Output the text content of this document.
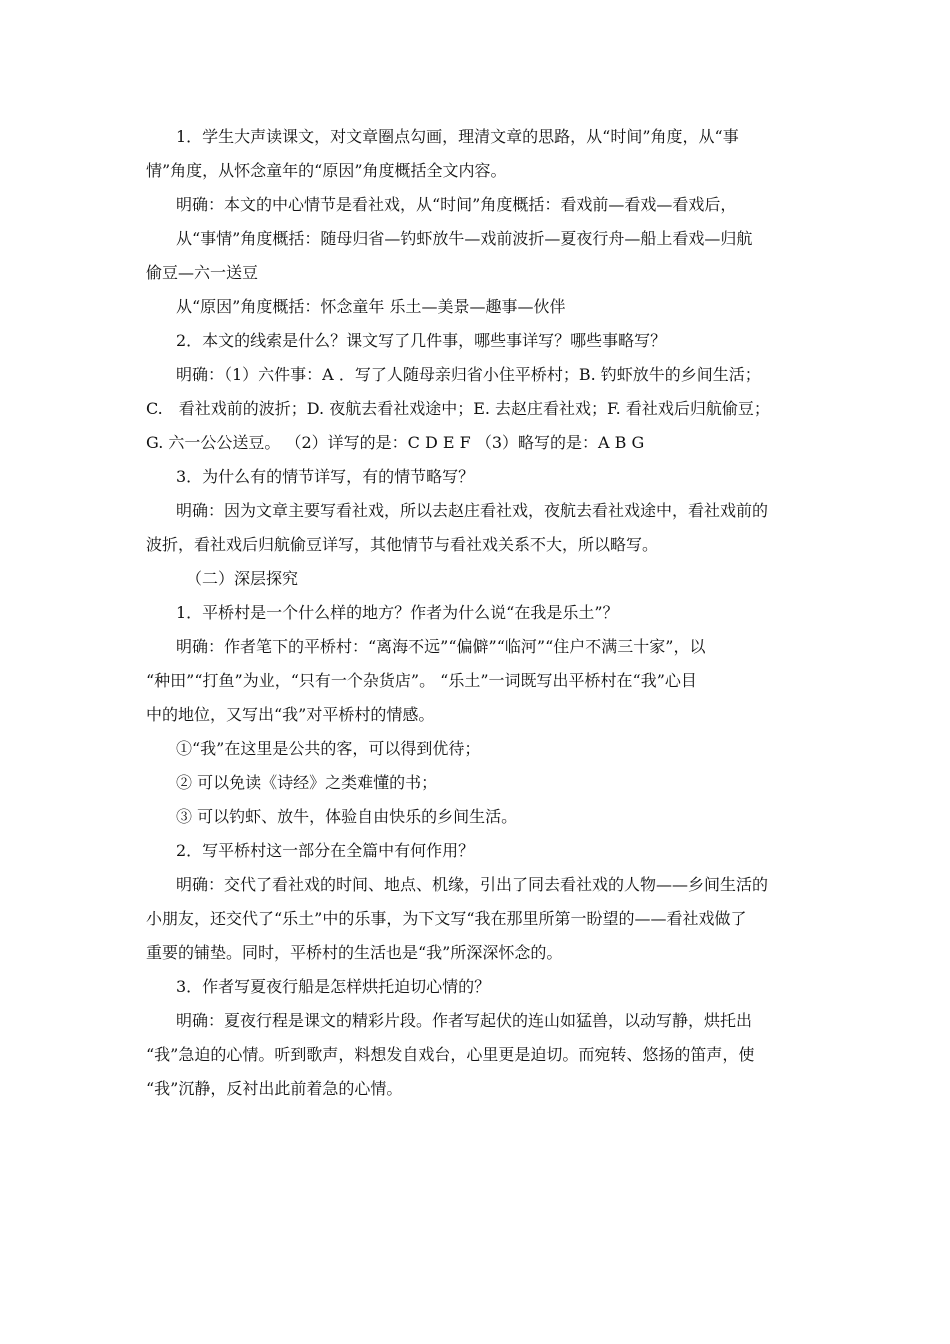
1．学生大声读课文，对文章圈点勾画，理清文章的思路，从“时间”角度，从“事

情”角度，从怀念童年的“原因”角度概括全文内容。

明确：本文的中心情节是看社戏，从“时间”角度概括：看戏前—看戏—看戏后，

从“事情”角度概括：随母归省—钓虾放牛—戏前波折—夏夜行舟—船上看戏—归航

偷豆—六一送豆

从“原因”角度概括：怀念童年 乐土—美景—趣事—伙伴

2．本文的线索是什么？课文写了几件事，哪些事详写？哪些事略写？

明确：（1）六件事：A ．写了人随母亲归省小住平桥村；B. 钓虾放牛的乡间生活；

C.　看社戏前的波折；D. 夜航去看社戏途中；E. 去赵庄看社戏；F. 看社戏后归航偷豆；

G. 六一公公送豆。 （2）详写的是：C D E F （3）略写的是：A B G

3．为什么有的情节详写，有的情节略写？

明确：因为文章主要写看社戏，所以去赵庄看社戏，夜航去看社戏途中，看社戏前的

波折，看社戏后归航偷豆详写，其他情节与看社戏关系不大，所以略写。

（二）深层探究

1．平桥村是一个什么样的地方？作者为什么说“在我是乐土”？

明确：作者笔下的平桥村：“离海不远”“偏僻”“临河”“住户不满三十家”，以

“种田”“打鱼”为业，“只有一个杂货店”。 “乐土”一词既写出平桥村在“我”心目

中的地位，又写出“我”对平桥村的情感。

①“我”在这里是公共的客，可以得到优待；

② 可以免读《诗经》之类难懂的书；

③ 可以钓虾、放牛，体验自由快乐的乡间生活。

2．写平桥村这一部分在全篇中有何作用？

明确：交代了看社戏的时间、地点、机缘，引出了同去看社戏的人物——乡间生活的

小朋友，还交代了“乐土”中的乐事，为下文写“我在那里所第一盼望的——看社戏做了

重要的铺垫。同时，平桥村的生活也是“我”所深深怀念的。

3．作者写夏夜行船是怎样烘托迫切心情的？

明确：夏夜行程是课文的精彩片段。作者写起伏的连山如猛兽，以动写静，烘托出

“我”急迫的心情。听到歌声，料想发自戏台，心里更是迫切。而宛转、悠扬的笛声，使

“我”沉静，反衬出此前着急的心情。
